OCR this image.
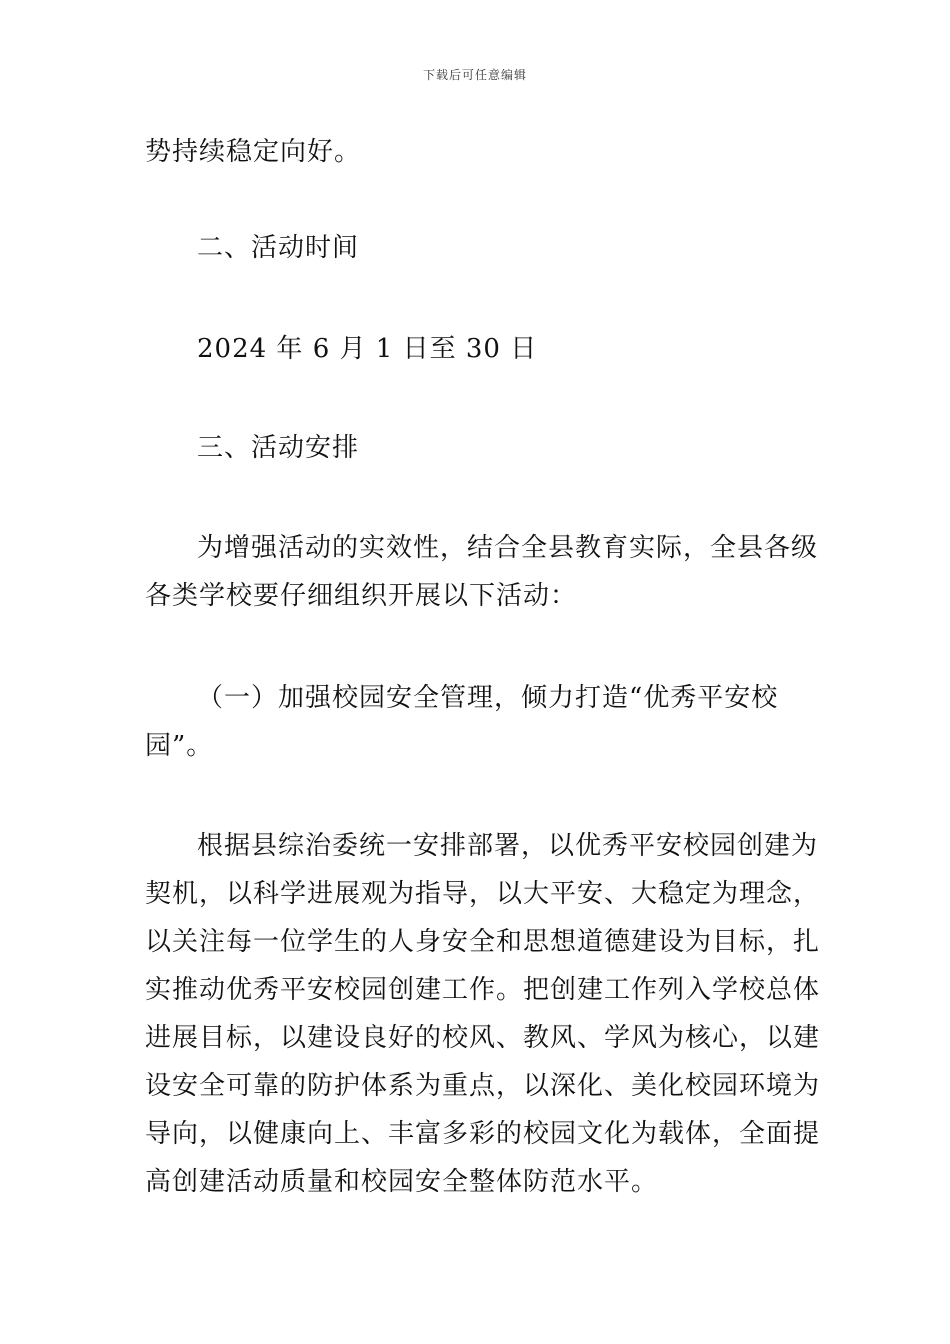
下载后可任意编辑
势持续稳定向好。
二、活动时间
2024 年 6 月 1 日至 30 日
三、活动安排
为增强活动的实效性，结合全县教育实际，全县各级
各类学校要仔细组织开展以下活动：
（一）加强校园安全管理，倾力打造“优秀平安校
园”。
根据县综治委统一安排部署，以优秀平安校园创建为
契机，以科学进展观为指导，以大平安、大稳定为理念，
以关注每一位学生的人身安全和思想道德建设为目标，扎
实推动优秀平安校园创建工作。把创建工作列入学校总体
进展目标，以建设良好的校风、教风、学风为核心，以建
设安全可靠的防护体系为重点，以深化、美化校园环境为
导向，以健康向上、丰富多彩的校园文化为载体，全面提
高创建活动质量和校园安全整体防范水平。
